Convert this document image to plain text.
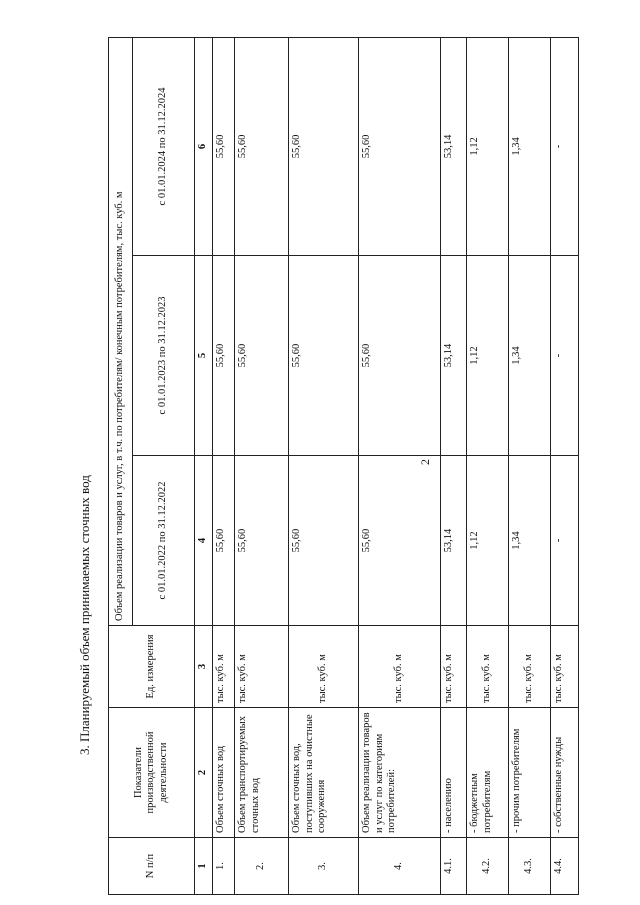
2
3. Планируемый объем принимаемых сточных вод
N п/п	Показатели производственной деятельности	Ед. измерения	Объем реализации товаров и услуг, в т.ч. по потребителям/ конечным потребителям, тыс. куб. м		
			с 01.01.2022 по 31.12.2022	с 01.01.2023 по 31.12.2023	с 01.01.2024 по 31.12.2024
1	2	3	4	5	6
1.	Объем сточных вод	тыс. куб. м	55,60	55,60	55,60
2.	Объем транспортируемых сточных вод	тыс. куб. м	55,60	55,60	55,60
3.	Объем сточных вод, поступивших на очистные сооружения	тыс. куб. м	55,60	55,60	55,60
4.	Объем реализации товаров и услуг по категориям потребителей:	тыс. куб. м	55,60	55,60	55,60
4.1.	- населению	тыс. куб. м	53,14	53,14	53,14
4.2.	- бюджетным потребителям	тыс. куб. м	1,12	1,12	1,12
4.3.	- прочим потребителям	тыс. куб. м	1,34	1,34	1,34
4.4.	- собственные нужды	тыс. куб. м	-	-	-
